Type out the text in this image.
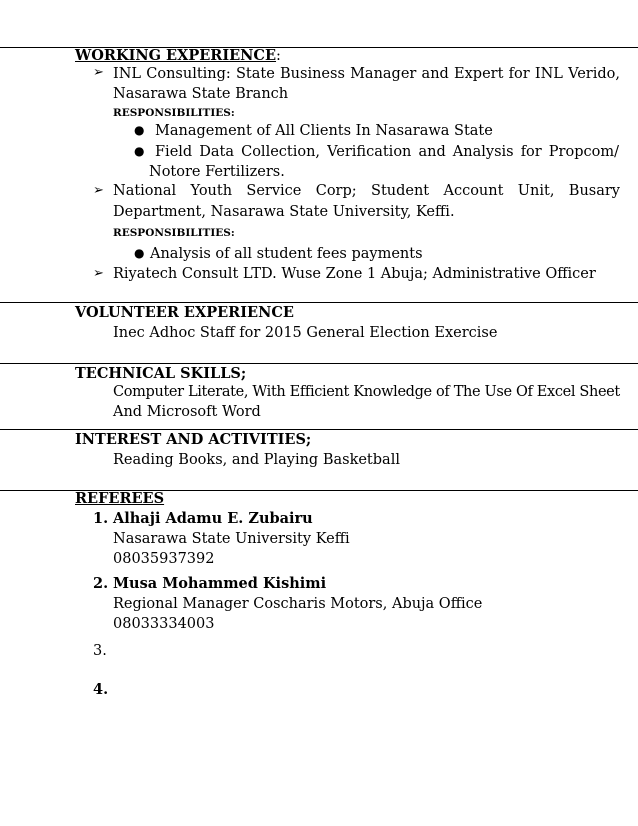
WORKING EXPERIENCE:
➢ INL Consulting: State Business Manager and Expert for INL Verido,
Nasarawa State Branch
RESPONSIBILITIES:
● Management of All Clients In Nasarawa State
● Field Data Collection, Verification and Analysis for Propcom/
Notore Fertilizers.
➢ National Youth Service Corp; Student Account Unit, Busary
Department, Nasarawa State University, Keffi.
RESPONSIBILITIES:
● Analysis of all student fees payments
➢ Riyatech Consult LTD. Wuse Zone 1 Abuja; Administrative Officer
VOLUNTEER EXPERIENCE
Inec Adhoc Staff for 2015 General Election Exercise
TECHNICAL SKILLS;
Computer Literate, With Efficient Knowledge of The Use Of Excel Sheet
And Microsoft Word
INTEREST AND ACTIVITIES;
Reading Books, and Playing Basketball
REFEREES
1. Alhaji Adamu E. Zubairu
Nasarawa State University Keffi
08035937392
2. Musa Mohammed Kishimi
Regional Manager Coscharis Motors, Abuja Office
08033334003
3.
4.
